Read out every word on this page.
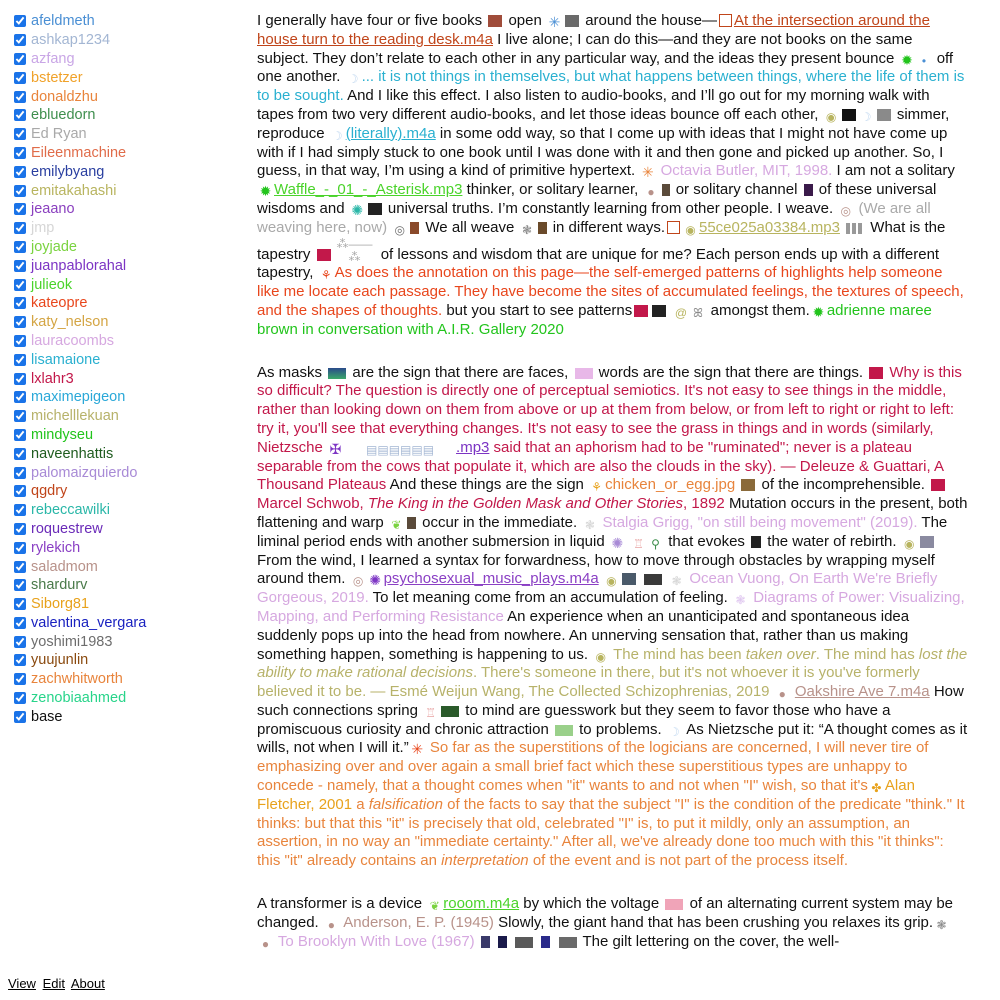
afeldmeth
ashkap1234
azfang
bstetzer
donaldzhu
ebluedorn
Ed Ryan
Eileenmachine
emilybyang
emitakahashi
jeaano
jmp
joyjade
juanpablorahal
julieok
kateopre
katy_nelson
lauracoombs
lisamaione
lxlahr3
maximepigeon
michelllekuan
mindyseu
naveenhattis
palomaizquierdo
qgdry
rebeccawilki
roquestrew
rylekich
saladmom
shardurv
Siborg81
valentina_vergara
yoshimi1983
yuujunlin
zachwhitworth
zenobiaahmed
base
View Edit About

I generally have four or five books open ✳ around the house— At the intersection around the house turn to the reading desk.m4a I live alone; I can do this—and they are not books on the same subject. They don’t relate to each other in any particular way, and the ideas they present bounce ✹ • off one another. ☽ ... it is not things in themselves, but what happens between things, where the life of them is to be sought. And I like this effect. I also listen to audio-books, and I’ll go out for my morning walk with tapes from two very different audio-books, and let those ideas bounce off each other, ◉ ☽ simmer, reproduce ☽ (literally).m4a in some odd way, so that I come up with ideas that I might not have come up with if I had simply stuck to one book until I was done with it and then gone and picked up another. So, I guess, in that way, I’m using a kind of primitive hypertext. ✳ Octavia Butler, MIT, 1998. I am not a solitary ✹ Waffle_-_01_-_Asterisk.mp3 thinker, or solitary learner, ● or solitary channel of these universal wisdoms and ✺ universal truths. I’m constantly learning from other people. I weave. ◎ (We are all weaving here, now) ◎ We all weave ❃ in different ways. ◉ 55ce025a03384.mp3 What is the tapestry ⁂——⁂ of lessons and wisdom that are unique for me? Each person ends up with a different tapestry, ⚘ As does the annotation on this page—the self-emerged patterns of highlights help someone like me locate each passage. They have become the sites of accumulated feelings, the textures of speech, and the shapes of thoughts. but you start to see patterns	@ ꕤ amongst them. ✹ adrienne maree brown in conversation with A.I.R. Gallery 2020

As masks are the sign that there are faces, words are the sign that there are things. Why is this so difficult? The question is directly one of perceptual semiotics. It's not easy to see things in the middle, rather than looking down on them from above or up at them from below, or from left to right or right to left: try it, you'll see that everything changes. It's not easy to see the grass in things and in words (similarly, Nietzsche ✠ ▤▤▤▤▤▤ .mp3 said that an aphorism had to be "ruminated"; never is a plateau separable from the cows that populate it, which are also the clouds in the sky). — Deleuze & Guattari, A Thousand Plateaus And these things are the sign ⚘ chicken_or_egg.jpg of the incomprehensible.  Marcel Schwob, The King in the Golden Mask and Other Stories, 1892 Mutation occurs in the present, both flattening and warp ❦ occur in the immediate. ❃ Stalgia Grigg, "on still being movement" (2019). The liminal period ends with another submersion in liquid ✺ ♖ ⚲ that evokes the water of rebirth. ◉ From the wind, I learned a syntax for forwardness, how to move through obstacles by wrapping myself around them. ◎ ✺ psychosexual_music_plays.m4a ◉	❃ Ocean Vuong, On Earth We're Briefly Gorgeous, 2019. To let meaning come from an accumulation of feeling. ❃ Diagrams of Power: Visualizing, Mapping, and Performing Resistance An experience when an unanticipated and spontaneous idea suddenly pops up into the head from nowhere. An unnerving sensation that, rather than us making something happen, something is happening to us. ◉ The mind has been taken over. The mind has lost the ability to make rational decisions. There's someone in there, but it's not whoever it is you've formerly believed it to be. — Esmé Weijun Wang, The Collected Schizophrenias, 2019 ● Oakshire Ave 7.m4a How such connections spring ♖ to mind are guesswork but they seem to favor those who have a promiscuous curiosity and chronic attraction to problems. ☽ As Nietzsche put it: “A thought comes as it wills, not when I will it.” ✳ So far as the superstitions of the logicians are concerned, I will never tire of emphasizing over and over again a small brief fact which these superstitious types are unhappy to concede - namely, that a thought comes when "it" wants to and not when "I" wish, so that it's ✤ Alan Fletcher, 2001 a falsification of the facts to say that the subject "I" is the condition of the predicate "think." It thinks: but that this "it" is precisely that old, celebrated "I" is, to put it mildly, only an assumption, an assertion, in no way an "immediate certainty." After all, we've already done too much with this "it thinks": this "it" already contains an interpretation of the event and is not part of the process itself.

A transformer is a device ❦ rooom.m4a by which the voltage of an alternating current system may be changed. ● Anderson, E. P. (1945) Slowly, the giant hand that has been crushing you relaxes its grip. ❃ ● To Brooklyn With Love (1967)	The gilt lettering on the cover, the well-
